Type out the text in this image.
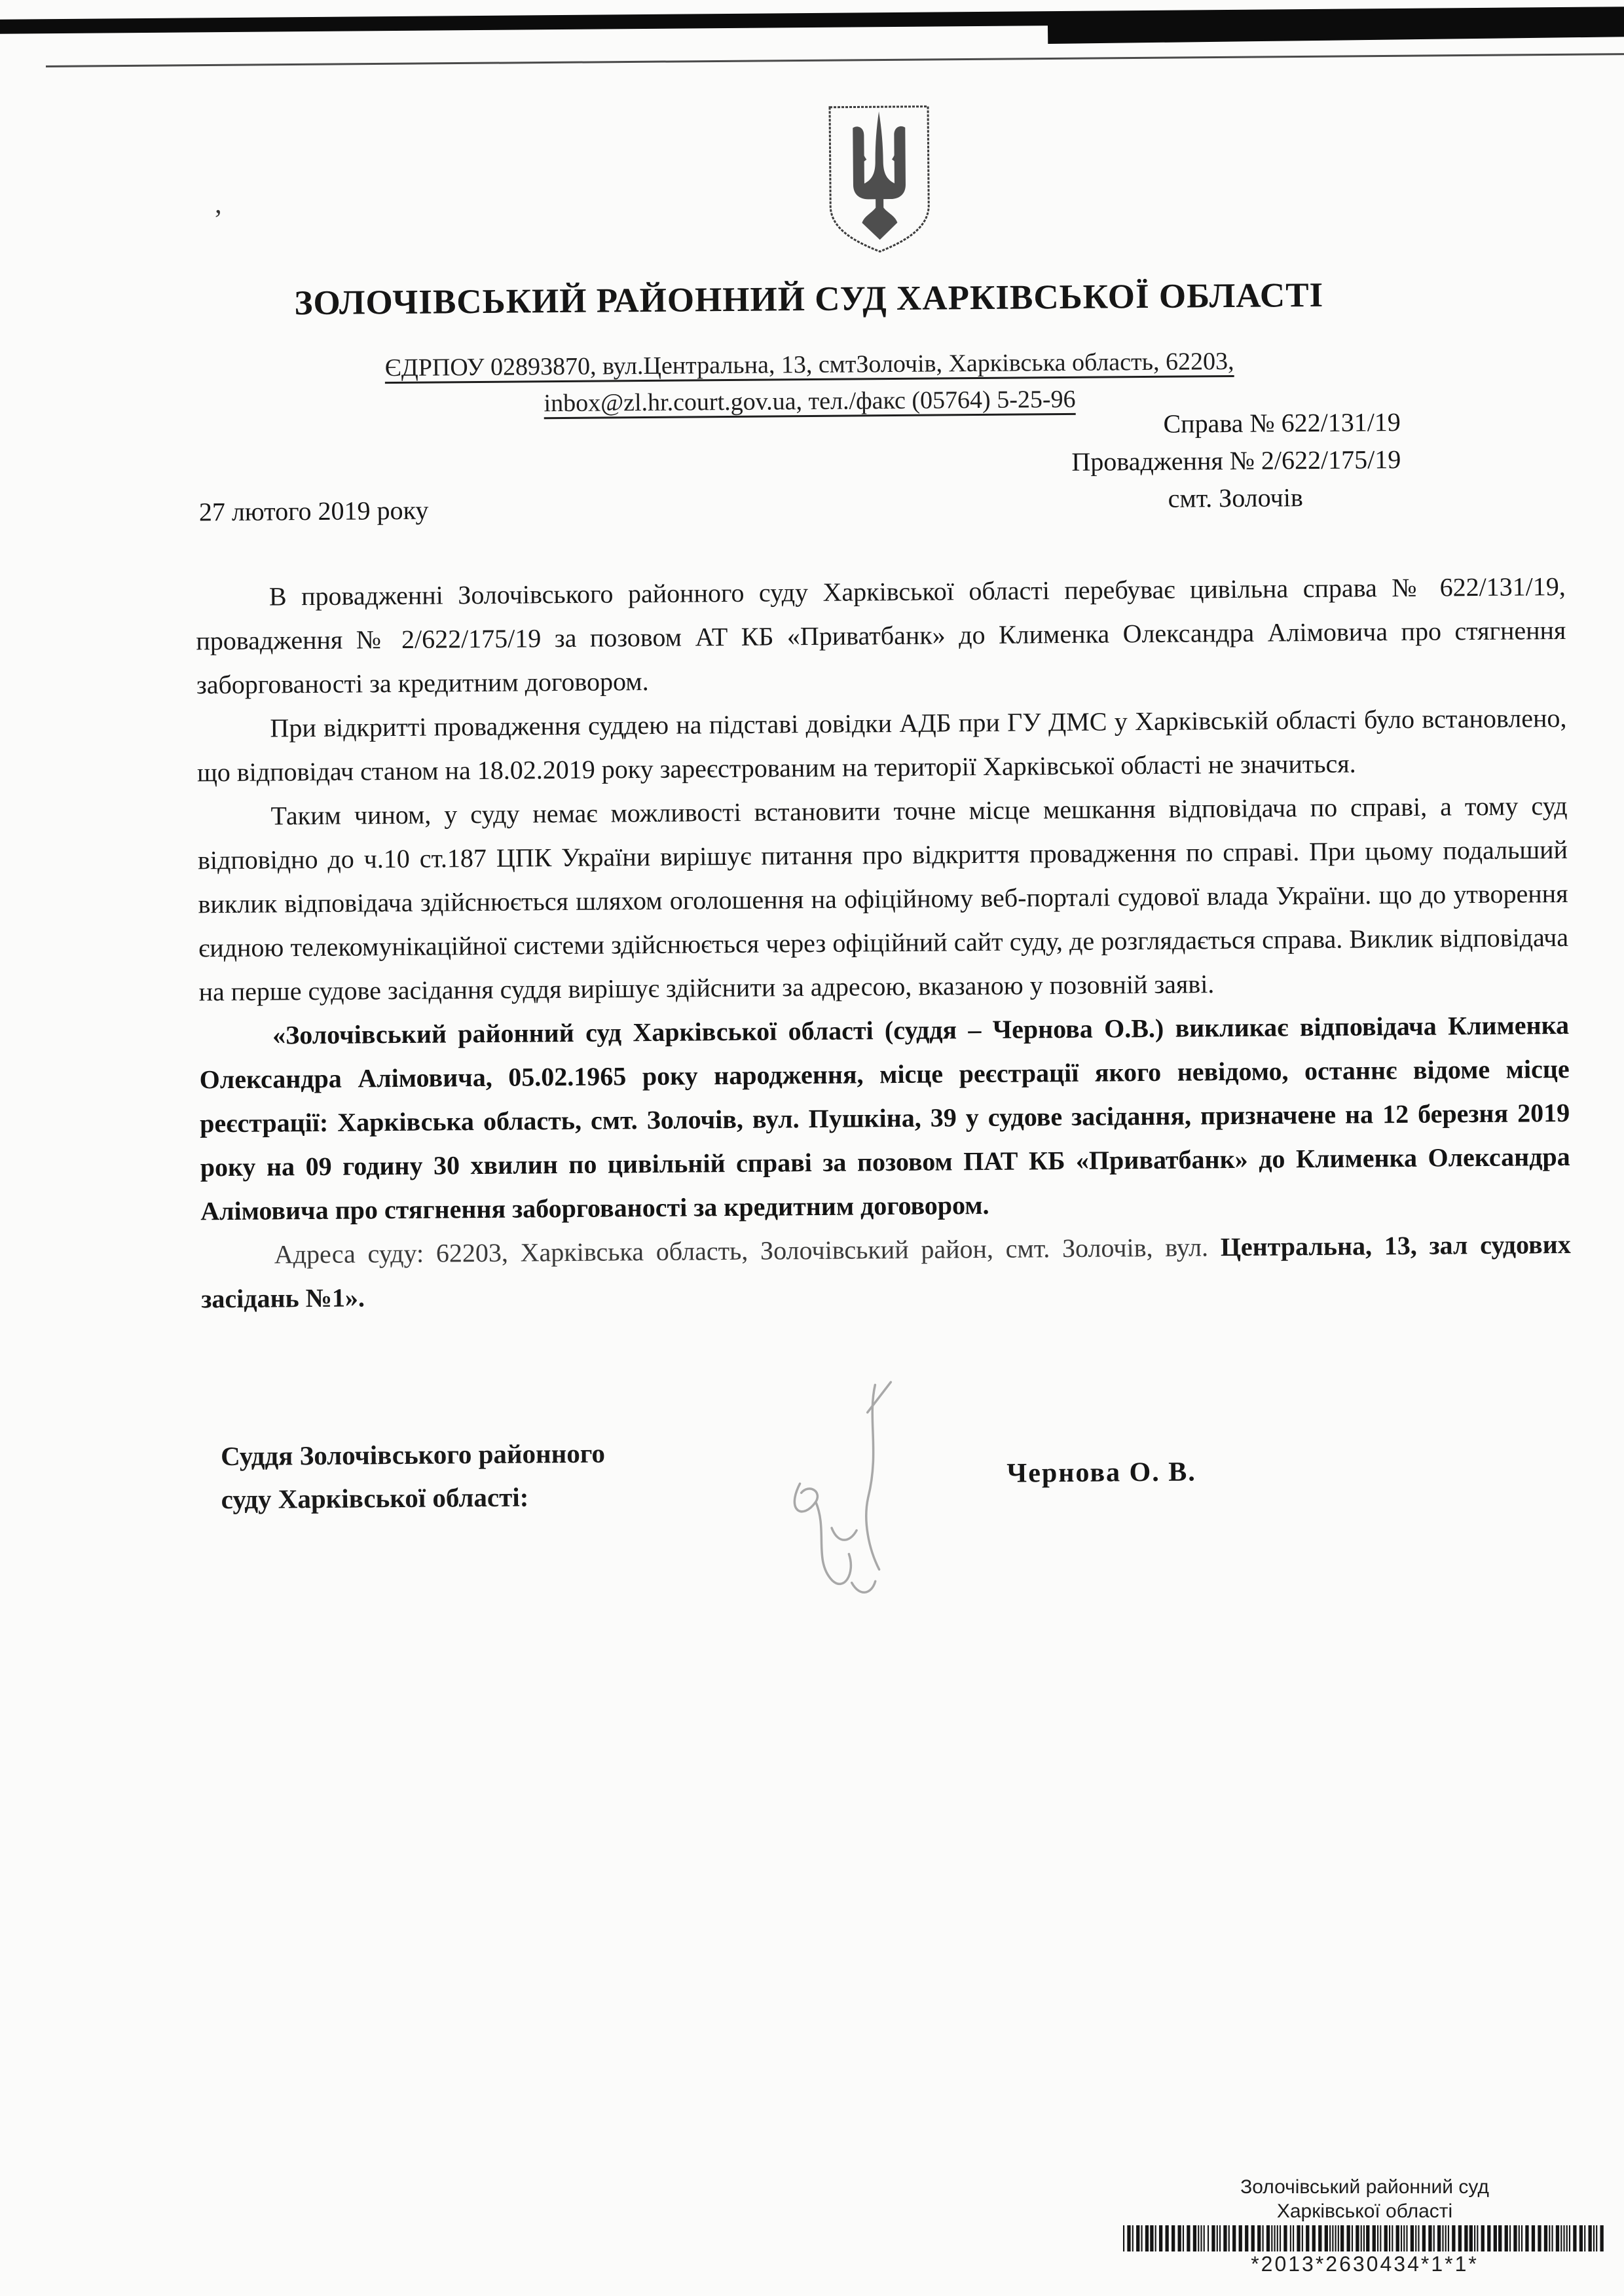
’
ЗОЛОЧІВСЬКИЙ РАЙОННИЙ СУД ХАРКІВСЬКОЇ ОБЛАСТІ
ЄДРПОУ 02893870, вул.Центральна, 13, смтЗолочів, Харківська область, 62203,
inbox@zl.hr.court.gov.ua, тел./факс (05764) 5-25-96
Справа № 622/131/19
Провадження № 2/622/175/19
смт. Золочів
27 лютого 2019 року

В провадженні Золочівського районного суду Харківської області перебуває цивільна справа № 622/131/19, провадження № 2/622/175/19 за позовом АТ КБ «Приватбанк» до Клименка Олександра Алімовича про стягнення заборгованості за кредитним договором.

При відкритті провадження суддею на підставі довідки АДБ при ГУ ДМС у Харківській області було встановлено, що відповідач станом на 18.02.2019 року зареєстрованим на території Харківської області не значиться.

Таким чином, у суду немає можливості встановити точне місце мешкання відповідача по справі, а тому суд відповідно до ч.10 ст.187 ЦПК України вирішує питання про відкриття провадження по справі. При цьому подальший виклик відповідача здійснюється шляхом оголошення на офіційному веб-порталі судової влада України. що до утворення єидною телекомунікаційної системи здійснюється через офіційний сайт суду, де розглядається справа. Виклик відповідача на перше судове засідання суддя вирішує здійснити за адресою, вказаною у позовній заяві.

«Золочівський районний суд Харківської області (суддя – Чернова О.В.) викликає відповідача Клименка Олександра Алімовича, 05.02.1965 року народження, місце реєстрації якого невідомо, останнє відоме місце реєстрації: Харківська область, смт. Золочів, вул. Пушкіна, 39 у судове засідання, призначене на 12 березня 2019 року на 09 годину 30 хвилин по цивільній справі за позовом ПАТ КБ «Приватбанк» до Клименка Олександра Алімовича про стягнення заборгованості за кредитним договором.

Адреса суду: 62203, Харківська область, Золочівський район, смт. Золочів, вул. Центральна, 13, зал судових засідань №1».

Суддя Золочівського районного
суду Харківської області:
Чернова О. В.
Золочівський районний суд
Харківської області
*2013*2630434*1*1*
